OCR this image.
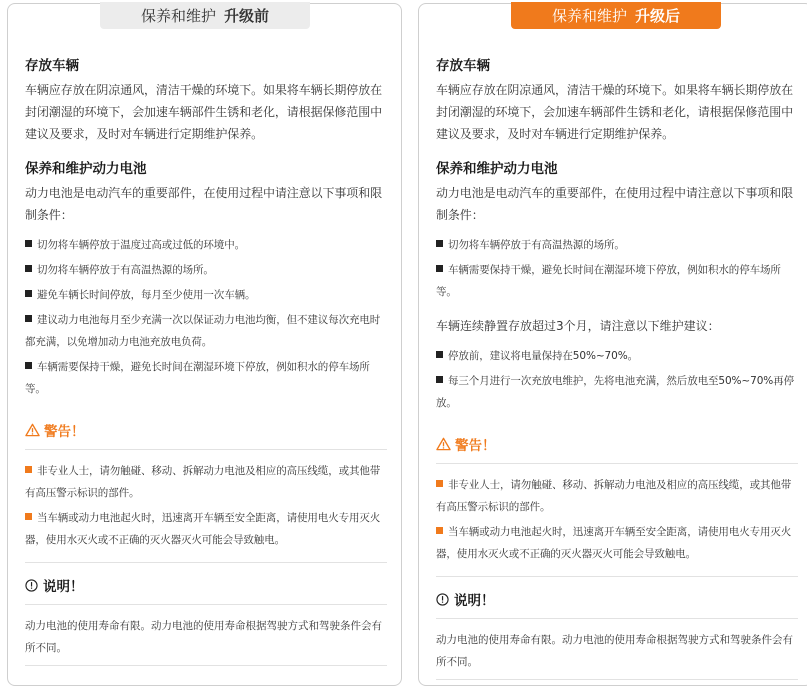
保养和维护 升级前
存放车辆

车辆应存放在阴凉通风，清洁干燥的环境下。如果将车辆长期停放在封闭潮湿的环境下，会加速车辆部件生锈和老化，请根据保修范围中建议及要求，及时对车辆进行定期维护保养。

保养和维护动力电池

动力电池是电动汽车的重要部件，在使用过程中请注意以下事项和限制条件：

切勿将车辆停放于温度过高或过低的环境中。
切勿将车辆停放于有高温热源的场所。
避免车辆长时间停放，每月至少使用一次车辆。
建议动力电池每月至少充满一次以保证动力电池均衡，但不建议每次充电时都充满，以免增加动力电池充放电负荷。
车辆需要保持干燥，避免长时间在潮湿环境下停放，例如积水的停车场所等。
警告！
非专业人士，请勿触碰、移动、拆解动力电池及相应的高压线缆，或其他带有高压警示标识的部件。
当车辆或动力电池起火时，迅速离开车辆至安全距离，请使用电火专用灭火器，使用水灭火或不正确的灭火器灭火可能会导致触电。
说明！
动力电池的使用寿命有限。动力电池的使用寿命根据驾驶方式和驾驶条件会有所不同。
保养和维护 升级后
存放车辆

车辆应存放在阴凉通风，清洁干燥的环境下。如果将车辆长期停放在封闭潮湿的环境下，会加速车辆部件生锈和老化，请根据保修范围中建议及要求，及时对车辆进行定期维护保养。

保养和维护动力电池

动力电池是电动汽车的重要部件，在使用过程中请注意以下事项和限制条件：

切勿将车辆停放于有高温热源的场所。
车辆需要保持干燥，避免长时间在潮湿环境下停放，例如积水的停车场所等。
车辆连续静置存放超过3个月，请注意以下维护建议：
停放前，建议将电量保持在50%~70%。
每三个月进行一次充放电维护，先将电池充满，然后放电至50%~70%再停放。
警告！
非专业人士，请勿触碰、移动、拆解动力电池及相应的高压线缆，或其他带有高压警示标识的部件。
当车辆或动力电池起火时，迅速离开车辆至安全距离，请使用电火专用灭火器，使用水灭火或不正确的灭火器灭火可能会导致触电。
说明！
动力电池的使用寿命有限。动力电池的使用寿命根据驾驶方式和驾驶条件会有所不同。
